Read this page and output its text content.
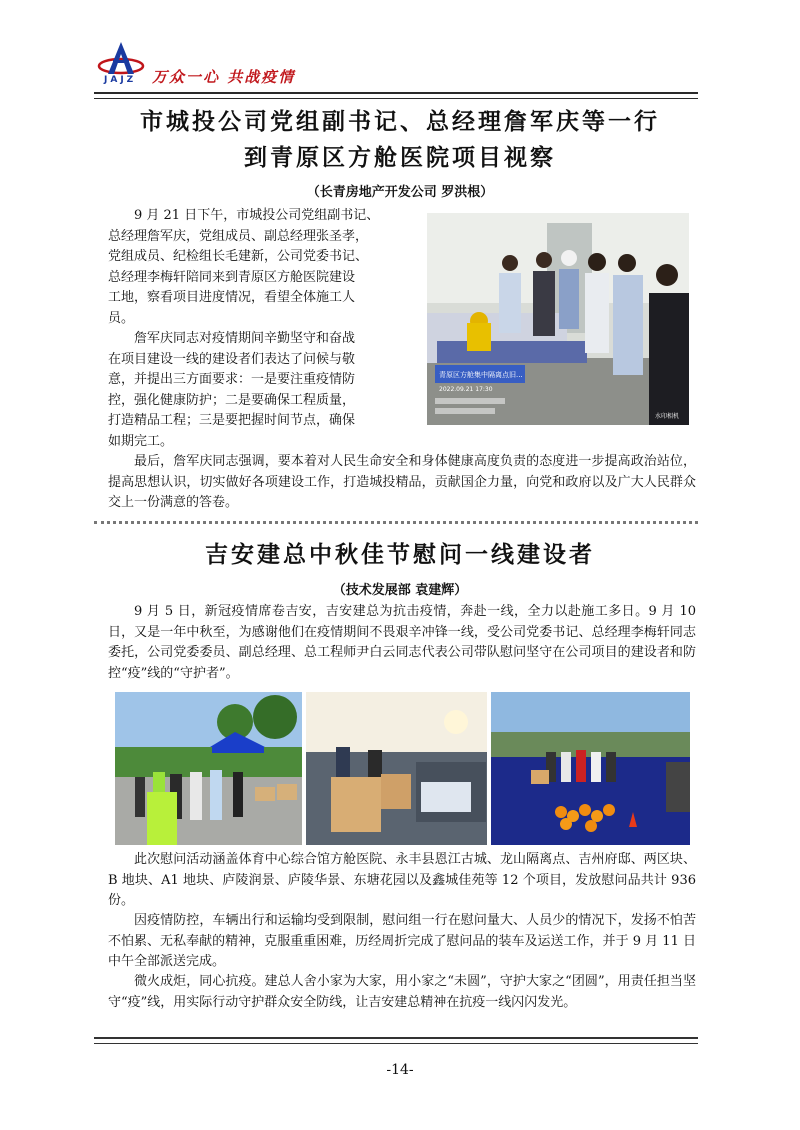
JAJZ 万众一心 共战疫情
市城投公司党组副书记、总经理詹军庆等一行
到青原区方舱医院项目视察
（长青房地产开发公司 罗洪根）
9 月 21 日下午，市城投公司党组副书记、
总经理詹军庆，党组成员、副总经理张圣孝，
党组成员、纪检组长毛建新，公司党委书记、
总经理李梅轩陪同来到青原区方舱医院建设
工地，察看项目进度情况，看望全体施工人
员。
詹军庆同志对疫情期间辛勤坚守和奋战
在项目建设一线的建设者们表达了问候与敬
意，并提出三方面要求：一是要注重疫情防
控，强化健康防护；二是要确保工程质量，
打造精品工程；三是要把握时间节点，确保
如期完工。
青原区方舱集中隔离点旧...
2022.09.21 17:30
水印相机
最后，詹军庆同志强调，要本着对人民生命安全和身体健康高度负责的态度进一步提高政治站位，提高思想认识，切实做好各项建设工作，打造城投精品，贡献国企力量，向党和政府以及广大人民群众交上一份满意的答卷。
吉安建总中秋佳节慰问一线建设者
（技术发展部 袁建辉）
9 月 5 日，新冠疫情席卷吉安，吉安建总为抗击疫情，奔赴一线，全力以赴施工多日。9 月 10 日，又是一年中秋至，为感谢他们在疫情期间不畏艰辛冲锋一线，受公司党委书记、总经理李梅轩同志委托，公司党委委员、副总经理、总工程师尹白云同志代表公司带队慰问坚守在公司项目的建设者和防控“疫”线的“守护者”。
此次慰问活动涵盖体育中心综合馆方舱医院、永丰县恩江古城、龙山隔离点、吉州府邸、两区块、B 地块、A1 地块、庐陵润景、庐陵华景、东塘花园以及鑫城佳苑等 12 个项目，发放慰问品共计 936 份。
因疫情防控，车辆出行和运输均受到限制，慰问组一行在慰问量大、人员少的情况下，发扬不怕苦不怕累、无私奉献的精神，克服重重困难，历经周折完成了慰问品的装车及运送工作，并于 9 月 11 日中午全部派送完成。
微火成炬，同心抗疫。建总人舍小家为大家，用小家之“未圆”，守护大家之“团圆”，用责任担当坚守“疫”线，用实际行动守护群众安全防线，让吉安建总精神在抗疫一线闪闪发光。
-14-
